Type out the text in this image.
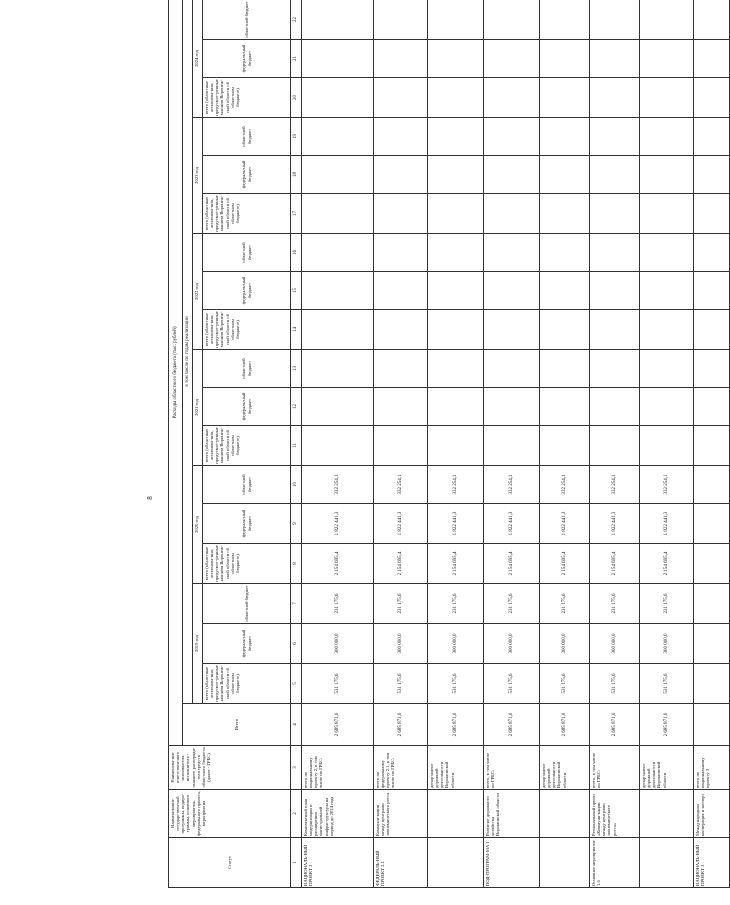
8
Статус	Наименование государствен-ной программы, подпро-граммы, основного мероприятия, федерального проекта, мероприятия	Наименова-ние ответствен-ного исполнителя, исполнителя - главного распоряди-теля средств областного бюджета (далее - ГРБС)	Расходы областного бюджета (тыс. рублей)																		
			Всего	в том числе по годам реализации																	
				2019 год			2020 год			2021 год			2022 год			2023 год			2024 год		
				всего (областные ассигнова-ния, предусмот-ренные законом Воронеж-ской области об областном бюджете)	федераль-ный бюджет	областной бюджет	всего (областные ассигнова-ния, предусмот-ренные законом Воронеж-ской области об областном бюджете)	федераль-ный бюджет	областной бюджет	всего (областные ассигнова-ния, предусмот-ренные законом Воронеж-ской области об областном бюджете)	федераль-ный бюджет	областной бюджет	всего (областные ассигнова-ния, предусмот-ренные законом Воронеж-ской области об областном бюджете)	федераль-ный бюджет	областной бюджет	всего (областные ассигнова-ния, предусмот-ренные законом Воронеж-ской области об областном бюджете)	федераль-ный бюджет	областной бюджет	всего (областные ассигнова-ния, предусмот-ренные законом Воронеж-ской области об областном бюджете)	федераль-ный бюджет	областной бюджет
1	2	3	4	5	6	7	8	9	10	11	12	13	14	15	16	17	18	19	20	21	22
НАЦИОНАЛЬ-НЫЙ ПРОЕКТ 2	Комплексный план модернизации и расширения магистральной инфраструктуры на период до 2024 года	всего по национальному проекту 2, в том числе по ГРБС:	2 685 871,0	531 175,6	300 000,0	231 175,6	2 154 695,4	1 822 441,3	332 254,1												
ФЕДЕРАЛЬ-НЫЙ ПРОЕКТ 2.1	Коммуни-кации между центрами экономического роста	всего по федеральному проекту 2.1, в том числе по ГРБС:	2 685 871,0	531 175,6	300 000,0	231 175,6	2 154 695,4	1 822 441,3	332 254,1												
		департамент дорожной деятельности Воронежской области	2 685 871,0	531 175,6	300 000,0	231 175,6	2 154 695,4	1 822 441,3	332 254,1												
ПОД-ПРОГРАМ-МА 1	Развитие дорожного хозяйства Воронежской области	всего, в том числе по ГРБС:	2 685 871,0	531 175,6	300 000,0	231 175,6	2 154 695,4	1 822 441,3	332 254,1												
		департамент дорожной деятельности Воронежской области	2 685 871,0	531 175,6	300 000,0	231 175,6	2 154 695,4	1 822 441,3	332 254,1												
Основное мероприятие 1.6	Региональный проект «Коммуни-кации между центрами экономического роста»	всего, в том числе по ГРБС:	2 685 871,0	531 175,6	300 000,0	231 175,6	2 154 695,4	1 822 441,3	332 254,1												
		департамент дорожной деятельности Воронежской области	2 685 871,0	531 175,6	300 000,0	231 175,6	2 154 695,4	1 822 441,3	332 254,1												
НАЦИОНАЛЬ-НЫЙ ПРОЕКТ 3	Международная кооперация и экспорт	всего по национальному проекту 3																			
